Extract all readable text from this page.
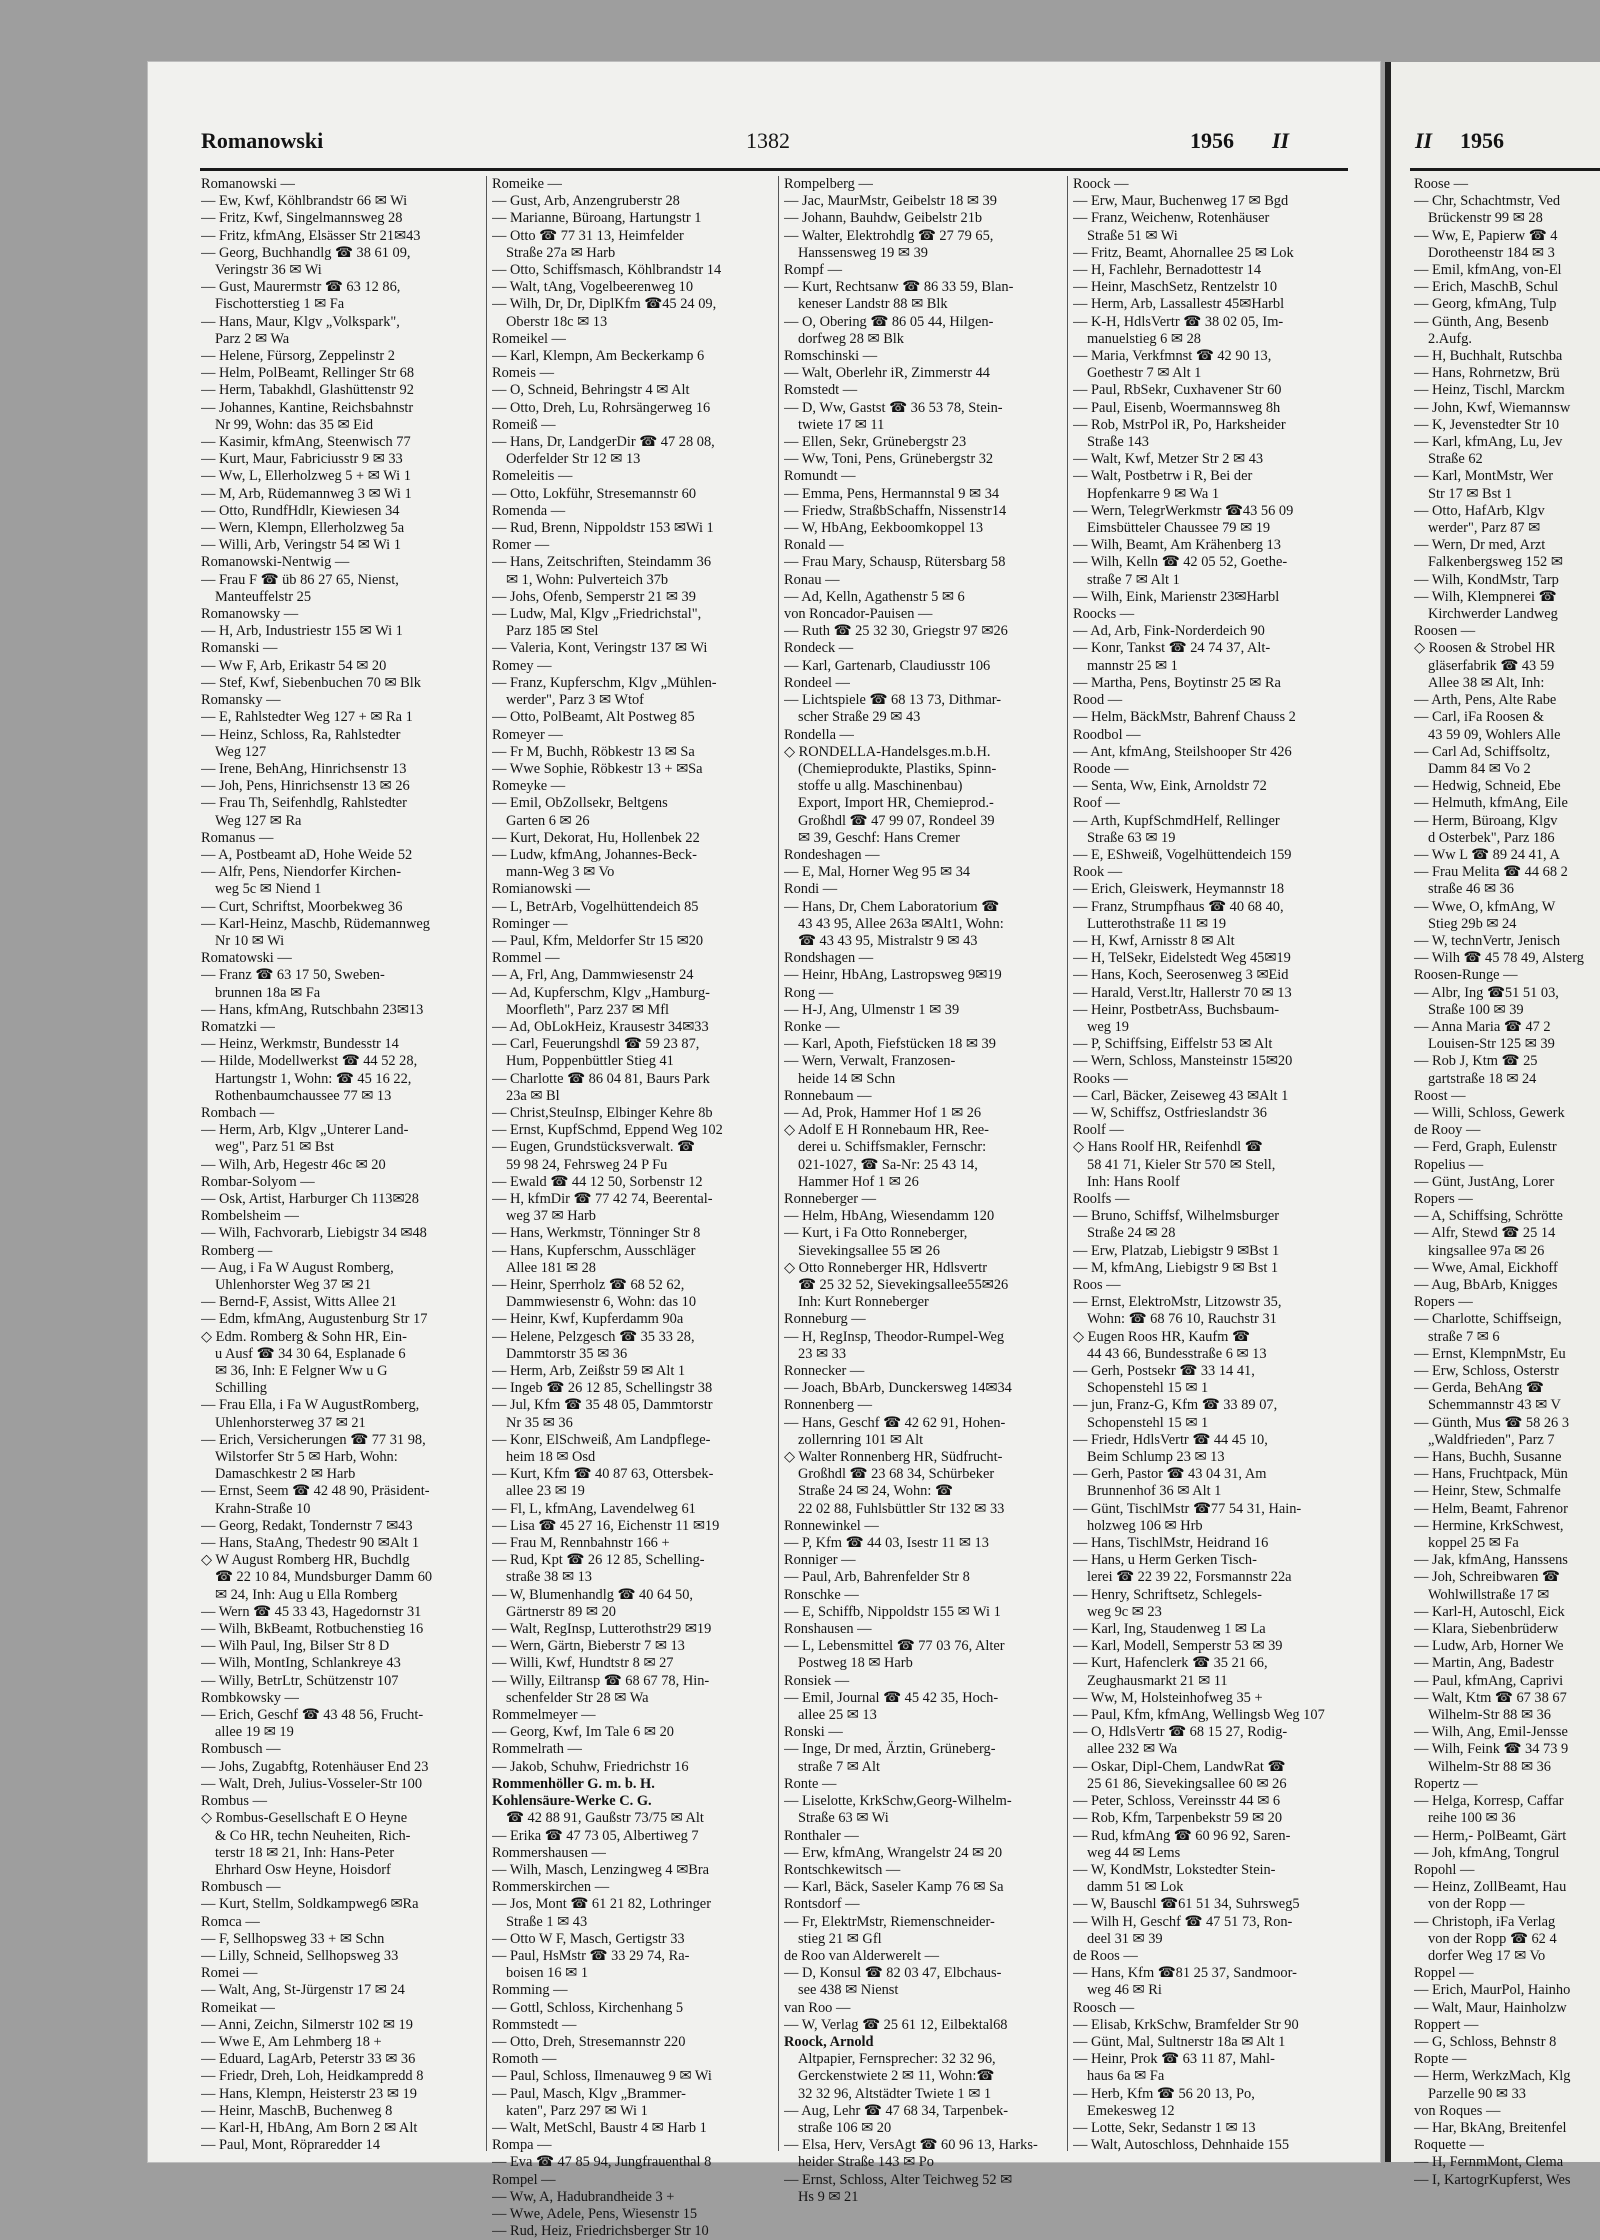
Romanowski	1382	1956 II	II 1956
Romanowski —
— Ew, Kwf, Köhlbrandstr 66 ✉ Wi
— Fritz, Kwf, Singelmannsweg 28
— Fritz, kfmAng, Elsässer Str 21✉43
— Georg, Buchhandlg ☎ 38 61 09,
Veringstr 36 ✉ Wi
— Gust, Maurermstr ☎ 63 12 86,
Fischotterstieg 1 ✉ Fa
— Hans, Maur, Klgv „Volkspark",
Parz 2 ✉ Wa
— Helene, Fürsorg, Zeppelinstr 2
— Helm, PolBeamt, Rellinger Str 68
— Herm, Tabakhdl, Glashüttenstr 92
— Johannes, Kantine, Reichsbahnstr
Nr 99, Wohn: das 35 ✉ Eid
— Kasimir, kfmAng, Steenwisch 77
— Kurt, Maur, Fabriciusstr 9 ✉ 33
— Ww, L, Ellerholzweg 5 + ✉ Wi 1
— M, Arb, Rüdemannweg 3 ✉ Wi 1
— Otto, RundfHdlr, Kiewiesen 34
— Wern, Klempn, Ellerholzweg 5a
— Willi, Arb, Veringstr 54 ✉ Wi 1
Romanowski-Nentwig —
— Frau F ☎ üb 86 27 65, Nienst,
Manteuffelstr 25
Romanowsky —
— H, Arb, Industriestr 155 ✉ Wi 1
Romanski —
— Ww F, Arb, Erikastr 54 ✉ 20
— Stef, Kwf, Siebenbuchen 70 ✉ Blk
Romansky —
— E, Rahlstedter Weg 127 + ✉ Ra 1
— Heinz, Schloss, Ra, Rahlstedter
Weg 127
— Irene, BehAng, Hinrichsenstr 13
— Joh, Pens, Hinrichsenstr 13 ✉ 26
— Frau Th, Seifenhdlg, Rahlstedter
Weg 127 ✉ Ra
Romanus —
— A, Postbeamt aD, Hohe Weide 52
— Alfr, Pens, Niendorfer Kirchen-
weg 5c ✉ Niend 1
— Curt, Schriftst, Moorbekweg 36
— Karl-Heinz, Maschb, Rüdemannweg
Nr 10 ✉ Wi
Romatowski —
— Franz ☎ 63 17 50, Sweben-
brunnen 18a ✉ Fa
— Hans, kfmAng, Rutschbahn 23✉13
Romatzki —
— Heinz, Werkmstr, Bundesstr 14
— Hilde, Modellwerkst ☎ 44 52 28,
Hartungstr 1, Wohn: ☎ 45 16 22,
Rothenbaumchaussee 77 ✉ 13
Rombach —
— Herm, Arb, Klgv „Unterer Land-
weg", Parz 51 ✉ Bst
— Wilh, Arb, Hegestr 46c ✉ 20
Rombar-Solyom —
— Osk, Artist, Harburger Ch 113✉28
Rombelsheim —
— Wilh, Fachvorarb, Liebigstr 34 ✉48
Romberg —
— Aug, i Fa W August Romberg,
Uhlenhorster Weg 37 ✉ 21
— Bernd-F, Assist, Witts Allee 21
— Edm, kfmAng, Augustenburg Str 17
◇ Edm. Romberg & Sohn HR, Ein-
u Ausf ☎ 34 30 64, Esplanade 6
✉ 36, Inh: E Felgner Ww u G
Schilling
— Frau Ella, i Fa W AugustRomberg,
Uhlenhorsterweg 37 ✉ 21
— Erich, Versicherungen ☎ 77 31 98,
Wilstorfer Str 5 ✉ Harb, Wohn:
Damaschkestr 2 ✉ Harb
— Ernst, Seem ☎ 42 48 90, Präsident-
Krahn-Straße 10
— Georg, Redakt, Tondernstr 7 ✉43
— Hans, StaAng, Thedestr 90 ✉Alt 1
◇ W August Romberg HR, Buchdlg
☎ 22 10 84, Mundsburger Damm 60
✉ 24, Inh: Aug u Ella Romberg
— Wern ☎ 45 33 43, Hagedornstr 31
— Wilh, BkBeamt, Rotbuchenstieg 16
— Wilh Paul, Ing, Bilser Str 8 D
— Wilh, MontIng, Schlankreye 43
— Willy, BetrLtr, Schützenstr 107
Rombkowsky —
— Erich, Geschf ☎ 43 48 56, Frucht-
allee 19 ✉ 19
Rombusch —
— Johs, Zugabftg, Rotenhäuser End 23
— Walt, Dreh, Julius-Vosseler-Str 100
Rombus —
◇ Rombus-Gesellschaft E O Heyne
& Co HR, techn Neuheiten, Rich-
terstr 18 ✉ 21, Inh: Hans-Peter
Ehrhard Osw Heyne, Hoisdorf
Rombusch —
— Kurt, Stellm, Soldkampweg6 ✉Ra
Romca —
— F, Sellhopsweg 33 + ✉ Schn
— Lilly, Schneid, Sellhopsweg 33
Romei —
— Walt, Ang, St-Jürgenstr 17 ✉ 24
Romeikat —
— Anni, Zeichn, Silmerstr 102 ✉ 19
— Wwe E, Am Lehmberg 18 +
— Eduard, LagArb, Peterstr 33 ✉ 36
— Friedr, Dreh, Loh, Heidkampredd 8
— Hans, Klempn, Heisterstr 23 ✉ 19
— Heinr, MaschB, Buchenweg 8
— Karl-H, HbAng, Am Born 2 ✉ Alt
— Paul, Mont, Röpraredder 14
Romeike —
— Gust, Arb, Anzengruberstr 28
— Marianne, Büroang, Hartungstr 1
— Otto ☎ 77 31 13, Heimfelder
Straße 27a ✉ Harb
— Otto, Schiffsmasch, Köhlbrandstr 14
— Walt, tAng, Vogelbeerenweg 10
— Wilh, Dr, Dr, DiplKfm ☎45 24 09,
Oberstr 18c ✉ 13
Romeikel —
— Karl, Klempn, Am Beckerkamp 6
Romeis —
— O, Schneid, Behringstr 4 ✉ Alt
— Otto, Dreh, Lu, Rohrsängerweg 16
Romeiß —
— Hans, Dr, LandgerDir ☎ 47 28 08,
Oderfelder Str 12 ✉ 13
Romeleitis —
— Otto, Lokführ, Stresemannstr 60
Romenda —
— Rud, Brenn, Nippoldstr 153 ✉Wi 1
Romer —
— Hans, Zeitschriften, Steindamm 36
✉ 1, Wohn: Pulverteich 37b
— Johs, Ofenb, Semperstr 21 ✉ 39
— Ludw, Mal, Klgv „Friedrichstal",
Parz 185 ✉ Stel
— Valeria, Kont, Veringstr 137 ✉ Wi
Romey —
— Franz, Kupferschm, Klgv „Mühlen-
werder", Parz 3 ✉ Wtof
— Otto, PolBeamt, Alt Postweg 85
Romeyer —
— Fr M, Buchh, Röbkestr 13 ✉ Sa
— Wwe Sophie, Röbkestr 13 + ✉Sa
Romeyke —
— Emil, ObZollsekr, Beltgens
Garten 6 ✉ 26
— Kurt, Dekorat, Hu, Hollenbek 22
— Ludw, kfmAng, Johannes-Beck-
mann-Weg 3 ✉ Vo
Romianowski —
— L, BetrArb, Vogelhüttendeich 85
Rominger —
— Paul, Kfm, Meldorfer Str 15 ✉20
Rommel —
— A, Frl, Ang, Dammwiesenstr 24
— Ad, Kupferschm, Klgv „Hamburg-
Moorfleth", Parz 237 ✉ Mfl
— Ad, ObLokHeiz, Krausestr 34✉33
— Carl, Feuerungshdl ☎ 59 23 87,
Hum, Poppenbüttler Stieg 41
— Charlotte ☎ 86 04 81, Baurs Park
23a ✉ Bl
— Christ,SteuInsp, Elbinger Kehre 8b
— Ernst, KupfSchmd, Eppend Weg 102
— Eugen, Grundstücksverwalt. ☎
59 98 24, Fehrsweg 24 P Fu
— Ewald ☎ 44 12 50, Sorbenstr 12
— H, kfmDir ☎ 77 42 74, Beerental-
weg 37 ✉ Harb
— Hans, Werkmstr, Tönninger Str 8
— Hans, Kupferschm, Ausschläger
Allee 181 ✉ 28
— Heinr, Sperrholz ☎ 68 52 62,
Dammwiesenstr 6, Wohn: das 10
— Heinr, Kwf, Kupferdamm 90a
— Helene, Pelzgesch ☎ 35 33 28,
Dammtorstr 35 ✉ 36
— Herm, Arb, Zeißstr 59 ✉ Alt 1
— Ingeb ☎ 26 12 85, Schellingstr 38
— Jul, Kfm ☎ 35 48 05, Dammtorstr
Nr 35 ✉ 36
— Konr, ElSchweiß, Am Landpflege-
heim 18 ✉ Osd
— Kurt, Kfm ☎ 40 87 63, Ottersbek-
allee 23 ✉ 19
— Fl, L, kfmAng, Lavendelweg 61
— Lisa ☎ 45 27 16, Eichenstr 11 ✉19
— Frau M, Rennbahnstr 166 +
— Rud, Kpt ☎ 26 12 85, Schelling-
straße 38 ✉ 13
— W, Blumenhandlg ☎ 40 64 50,
Gärtnerstr 89 ✉ 20
— Walt, RegInsp, Lutterothstr29 ✉19
— Wern, Gärtn, Bieberstr 7 ✉ 13
— Willi, Kwf, Hundtstr 8 ✉ 27
— Willy, Eiltransp ☎ 68 67 78, Hin-
schenfelder Str 28 ✉ Wa
Rommelmeyer —
— Georg, Kwf, Im Tale 6 ✉ 20
Rommelrath —
— Jakob, Schuhw, Friedrichstr 16
Rommenhöller G. m. b. H.
Kohlensäure-Werke C. G.
☎ 42 88 91, Gaußstr 73/75 ✉ Alt
— Erika ☎ 47 73 05, Albertiweg 7
Rommershausen —
— Wilh, Masch, Lenzingweg 4 ✉Bra
Rommerskirchen —
— Jos, Mont ☎ 61 21 82, Lothringer
Straße 1 ✉ 43
— Otto W F, Masch, Gertigstr 33
— Paul, HsMstr ☎ 33 29 74, Ra-
boisen 16 ✉ 1
Romming —
— Gottl, Schloss, Kirchenhang 5
Rommstedt —
— Otto, Dreh, Stresemannstr 220
Romoth —
— Paul, Schloss, Ilmenauweg 9 ✉ Wi
— Paul, Masch, Klgv „Brammer-
katen", Parz 297 ✉ Wi 1
— Walt, MetSchl, Baustr 4 ✉ Harb 1
Rompa —
— Eva ☎ 47 85 94, Jungfrauenthal 8
Rompel —
— Ww, A, Hadubrandheide 3 +
— Wwe, Adele, Pens, Wiesenstr 15
— Rud, Heiz, Friedrichsberger Str 10
Rompelberg —
— Jac, MaurMstr, Geibelstr 18 ✉ 39
— Johann, Bauhdw, Geibelstr 21b
— Walter, Elektrohdlg ☎ 27 79 65,
Hanssensweg 19 ✉ 39
Rompf —
— Kurt, Rechtsanw ☎ 86 33 59, Blan-
keneser Landstr 88 ✉ Blk
— O, Obering ☎ 86 05 44, Hilgen-
dorfweg 28 ✉ Blk
Romschinski —
— Walt, Oberlehr iR, Zimmerstr 44
Romstedt —
— D, Ww, Gastst ☎ 36 53 78, Stein-
twiete 17 ✉ 11
— Ellen, Sekr, Grünebergstr 23
— Ww, Toni, Pens, Grünebergstr 32
Romundt —
— Emma, Pens, Hermannstal 9 ✉ 34
— Friedw, StraßbSchaffn, Nissenstr14
— W, HbAng, Eekboomkoppel 13
Ronald —
— Frau Mary, Schausp, Rütersbarg 58
Ronau —
— Ad, Kelln, Agathenstr 5 ✉ 6
von Roncador-Pauisen —
— Ruth ☎ 25 32 30, Griegstr 97 ✉26
Rondeck —
— Karl, Gartenarb, Claudiusstr 106
Rondeel —
— Lichtspiele ☎ 68 13 73, Dithmar-
scher Straße 29 ✉ 43
Rondella —
◇ RONDELLA-Handelsges.m.b.H.
(Chemieprodukte, Plastiks, Spinn-
stoffe u allg. Maschinenbau)
Export, Import HR, Chemieprod.-
Großhdl ☎ 47 99 07, Rondeel 39
✉ 39, Geschf: Hans Cremer
Rondeshagen —
— E, Mal, Horner Weg 95 ✉ 34
Rondi —
— Hans, Dr, Chem Laboratorium ☎
43 43 95, Allee 263a ✉Alt1, Wohn:
☎ 43 43 95, Mistralstr 9 ✉ 43
Rondshagen —
— Heinr, HbAng, Lastropsweg 9✉19
Rong —
— H-J, Ang, Ulmenstr 1 ✉ 39
Ronke —
— Karl, Apoth, Fiefstücken 18 ✉ 39
— Wern, Verwalt, Franzosen-
heide 14 ✉ Schn
Ronnebaum —
— Ad, Prok, Hammer Hof 1 ✉ 26
◇ Adolf E H Ronnebaum HR, Ree-
derei u. Schiffsmakler, Fernschr:
021-1027, ☎ Sa-Nr: 25 43 14,
Hammer Hof 1 ✉ 26
Ronneberger —
— Helm, HbAng, Wiesendamm 120
— Kurt, i Fa Otto Ronneberger,
Sievekingsallee 55 ✉ 26
◇ Otto Ronneberger HR, Hdlsvertr
☎ 25 32 52, Sievekingsallee55✉26
Inh: Kurt Ronneberger
Ronneburg —
— H, RegInsp, Theodor-Rumpel-Weg
23 ✉ 33
Ronnecker —
— Joach, BbArb, Dunckersweg 14✉34
Ronnenberg —
— Hans, Geschf ☎ 42 62 91, Hohen-
zollernring 101 ✉ Alt
◇ Walter Ronnenberg HR, Südfrucht-
Großhdl ☎ 23 68 34, Schürbeker
Straße 24 ✉ 24, Wohn: ☎
22 02 88, Fuhlsbüttler Str 132 ✉ 33
Ronnewinkel —
— P, Kfm ☎ 44 03, Isestr 11 ✉ 13
Ronniger —
— Paul, Arb, Bahrenfelder Str 8
Ronschke —
— E, Schiffb, Nippoldstr 155 ✉ Wi 1
Ronshausen —
— L, Lebensmittel ☎ 77 03 76, Alter
Postweg 18 ✉ Harb
Ronsiek —
— Emil, Journal ☎ 45 42 35, Hoch-
allee 25 ✉ 13
Ronski —
— Inge, Dr med, Ärztin, Grüneberg-
straße 7 ✉ Alt
Ronte —
— Liselotte, KrkSchw,Georg-Wilhelm-
Straße 63 ✉ Wi
Ronthaler —
— Erw, kfmAng, Wrangelstr 24 ✉ 20
Rontschkewitsch —
— Karl, Bäck, Saseler Kamp 76 ✉ Sa
Rontsdorf —
— Fr, ElektrMstr, Riemenschneider-
stieg 21 ✉ Gfl
de Roo van Alderwerelt —
— D, Konsul ☎ 82 03 47, Elbchaus-
see 438 ✉ Nienst
van Roo —
— W, Verlag ☎ 25 61 12, Eilbektal68
Roock, Arnold
Altpapier, Fernsprecher: 32 32 96,
Gerckenstwiete 2 ✉ 11, Wohn:☎
32 32 96, Altstädter Twiete 1 ✉ 1
— Aug, Lehr ☎ 47 68 34, Tarpenbek-
straße 106 ✉ 20
— Elsa, Herv, VersAgt ☎ 60 96 13, Harks-
heider Straße 143 ✉ Po
— Ernst, Schloss, Alter Teichweg 52 ✉
Hs 9 ✉ 21
Roock —
— Erw, Maur, Buchenweg 17 ✉ Bgd
— Franz, Weichenw, Rotenhäuser
Straße 51 ✉ Wi
— Fritz, Beamt, Ahornallee 25 ✉ Lok
— H, Fachlehr, Bernadottestr 14
— Heinr, MaschSetz, Rentzelstr 10
— Herm, Arb, Lassallestr 45✉Harbl
— K-H, HdlsVertr ☎ 38 02 05, Im-
manuelstieg 6 ✉ 28
— Maria, Verkfmnst ☎ 42 90 13,
Goethestr 7 ✉ Alt 1
— Paul, RbSekr, Cuxhavener Str 60
— Paul, Eisenb, Woermannsweg 8h
— Rob, MstrPol iR, Po, Harksheider
Straße 143
— Walt, Kwf, Metzer Str 2 ✉ 43
— Walt, Postbetrw i R, Bei der
Hopfenkarre 9 ✉ Wa 1
— Wern, TelegrWerkmstr ☎43 56 09
Eimsbütteler Chaussee 79 ✉ 19
— Wilh, Beamt, Am Krähenberg 13
— Wilh, Kelln ☎ 42 05 52, Goethe-
straße 7 ✉ Alt 1
— Wilh, Eink, Marienstr 23✉Harbl
Roocks —
— Ad, Arb, Fink-Norderdeich 90
— Konr, Tankst ☎ 24 74 37, Alt-
mannstr 25 ✉ 1
— Martha, Pens, Boytinstr 25 ✉ Ra
Rood —
— Helm, BäckMstr, Bahrenf Chauss 2
Roodbol —
— Ant, kfmAng, Steilshooper Str 426
Roode —
— Senta, Ww, Eink, Arnoldstr 72
Roof —
— Arth, KupfSchmdHelf, Rellinger
Straße 63 ✉ 19
— E, EShweiß, Vogelhüttendeich 159
Rook —
— Erich, Gleiswerk, Heymannstr 18
— Franz, Strumpfhaus ☎ 40 68 40,
Lutterothstraße 11 ✉ 19
— H, Kwf, Arnisstr 8 ✉ Alt
— H, TelSekr, Eidelstedt Weg 45✉19
— Hans, Koch, Seerosenweg 3 ✉Eid
— Harald, Verst.ltr, Hallerstr 70 ✉ 13
— Heinr, PostbetrAss, Buchsbaum-
weg 19
— P, Schiffsing, Eiffelstr 53 ✉ Alt
— Wern, Schloss, Mansteinstr 15✉20
Rooks —
— Carl, Bäcker, Zeiseweg 43 ✉Alt 1
— W, Schiffsz, Ostfrieslandstr 36
Roolf —
◇ Hans Roolf HR, Reifenhdl ☎
58 41 71, Kieler Str 570 ✉ Stell,
Inh: Hans Roolf
Roolfs —
— Bruno, Schiffsf, Wilhelmsburger
Straße 24 ✉ 28
— Erw, Platzab, Liebigstr 9 ✉Bst 1
— M, kfmAng, Liebigstr 9 ✉ Bst 1
Roos —
— Ernst, ElektroMstr, Litzowstr 35,
Wohn: ☎ 68 76 10, Rauchstr 31
◇ Eugen Roos HR, Kaufm ☎
44 43 66, Bundesstraße 6 ✉ 13
— Gerh, Postsekr ☎ 33 14 41,
Schopenstehl 15 ✉ 1
— jun, Franz-G, Kfm ☎ 33 89 07,
Schopenstehl 15 ✉ 1
— Friedr, HdlsVertr ☎ 44 45 10,
Beim Schlump 23 ✉ 13
— Gerh, Pastor ☎ 43 04 31, Am
Brunnenhof 36 ✉ Alt 1
— Günt, TischlMstr ☎77 54 31, Hain-
holzweg 106 ✉ Hrb
— Hans, TischlMstr, Heidrand 16
— Hans, u Herm Gerken Tisch-
lerei ☎ 22 39 22, Forsmannstr 22a
— Henry, Schriftsetz, Schlegels-
weg 9c ✉ 23
— Karl, Ing, Staudenweg 1 ✉ La
— Karl, Modell, Semperstr 53 ✉ 39
— Kurt, Hafenclerk ☎ 35 21 66,
Zeughausmarkt 21 ✉ 11
— Ww, M, Holsteinhofweg 35 +
— Paul, Kfm, kfmAng, Wellingsb Weg 107
— O, HdlsVertr ☎ 68 15 27, Rodig-
allee 232 ✉ Wa
— Oskar, Dipl-Chem, LandwRat ☎
25 61 86, Sievekingsallee 60 ✉ 26
— Peter, Schloss, Vereinsstr 44 ✉ 6
— Rob, Kfm, Tarpenbekstr 59 ✉ 20
— Rud, kfmAng ☎ 60 96 92, Saren-
weg 44 ✉ Lems
— W, KondMstr, Lokstedter Stein-
damm 51 ✉ Lok
— W, Bauschl ☎61 51 34, Suhrsweg5
— Wilh H, Geschf ☎ 47 51 73, Ron-
deel 31 ✉ 39
de Roos —
— Hans, Kfm ☎81 25 37, Sandmoor-
weg 46 ✉ Ri
Roosch —
— Elisab, KrkSchw, Bramfelder Str 90
— Günt, Mal, Sultnerstr 18a ✉ Alt 1
— Heinr, Prok ☎ 63 11 87, Mahl-
haus 6a ✉ Fa
— Herb, Kfm ☎ 56 20 13, Po,
Emekesweg 12
— Lotte, Sekr, Sedanstr 1 ✉ 13
— Walt, Autoschloss, Dehnhaide 155
Roose —
— Chr, Schachtmstr, Ved
Brückenstr 99 ✉ 28
— Ww, E, Papierw ☎ 4
Dorotheenstr 184 ✉ 3
— Emil, kfmAng, von-El
— Erich, MaschB, Schul
— Georg, kfmAng, Tulp
— Günth, Ang, Besenb
2.Aufg.
— H, Buchhalt, Rutschba
— Hans, Rohrnetzw, Brü
— Heinz, Tischl, Marckm
— John, Kwf, Wiemannsw
— K, Jevenstedter Str 10
— Karl, kfmAng, Lu, Jev
Straße 62
— Karl, MontMstr, Wer
Str 17 ✉ Bst 1
— Otto, HafArb, Klgv
werder", Parz 87 ✉
— Wern, Dr med, Arzt
Falkenbergsweg 152 ✉
— Wilh, KondMstr, Tarp
— Wilh, Klempnerei ☎
Kirchwerder Landweg
Roosen —
◇ Roosen & Strobel HR
gläserfabrik ☎ 43 59
Allee 38 ✉ Alt, Inh:
— Arth, Pens, Alte Rabe
— Carl, iFa Roosen &
43 59 09, Wohlers Alle
— Carl Ad, Schiffsoltz,
Damm 84 ✉ Vo 2
— Hedwig, Schneid, Ebe
— Helmuth, kfmAng, Eile
— Herm, Büroang, Klgv
d Osterbek", Parz 186
— Ww L ☎ 89 24 41, A
— Frau Melita ☎ 44 68 2
straße 46 ✉ 36
— Wwe, O, kfmAng, W
Stieg 29b ✉ 24
— W, technVertr, Jenisch
— Wilh ☎ 45 78 49, Alsterg
Roosen-Runge —
— Albr, Ing ☎51 51 03,
Straße 100 ✉ 39
— Anna Maria ☎ 47 2
Louisen-Str 125 ✉ 39
— Rob J, Ktm ☎ 25
gartstraße 18 ✉ 24
Roost —
— Willi, Schloss, Gewerk
de Rooy —
— Ferd, Graph, Eulenstr
Ropelius —
— Günt, JustAng, Lorer
Ropers —
— A, Schiffsing, Schrötte
— Alfr, Stewd ☎ 25 14
kingsallee 97a ✉ 26
— Wwe, Amal, Eickhoff
— Aug, BbArb, Knigges
Ropers —
— Charlotte, Schiffseign,
straße 7 ✉ 6
— Ernst, KlempnMstr, Eu
— Erw, Schloss, Osterstr
— Gerda, BehAng ☎
Schemmannstr 43 ✉ V
— Günth, Mus ☎ 58 26 3
„Waldfrieden", Parz 7
— Hans, Buchh, Susanne
— Hans, Fruchtpack, Mün
— Heinr, Stew, Schmalfe
— Helm, Beamt, Fahrenor
— Hermine, KrkSchwest,
koppel 25 ✉ Fa
— Jak, kfmAng, Hanssens
— Joh, Schreibwaren ☎
Wohlwillstraße 17 ✉
— Karl-H, Autoschl, Eick
— Klara, Siebenbrüderw
— Ludw, Arb, Horner We
— Martin, Ang, Badestr
— Paul, kfmAng, Caprivi
— Walt, Ktm ☎ 67 38 67
Wilhelm-Str 88 ✉ 36
— Wilh, Ang, Emil-Jensse
— Wilh, Feink ☎ 34 73 9
Wilhelm-Str 88 ✉ 36
Ropertz —
— Helga, Korresp, Caffar
reihe 100 ✉ 36
— Herm,- PolBeamt, Gärt
— Joh, kfmAng, Tongrul
Ropohl —
— Heinz, ZollBeamt, Hau
von der Ropp —
— Christoph, iFa Verlag
von der Ropp ☎ 62 4
dorfer Weg 17 ✉ Vo
Roppel —
— Erich, MaurPol, Hainho
— Walt, Maur, Hainholzw
Roppert —
— G, Schloss, Behnstr 8
Ropte —
— Herm, WerkzMach, Klg
Parzelle 90 ✉ 33
von Roques —
— Har, BkAng, Breitenfel
Roquette —
— H, FernmMont, Clema
— I, KartogrKupferst, Wes
